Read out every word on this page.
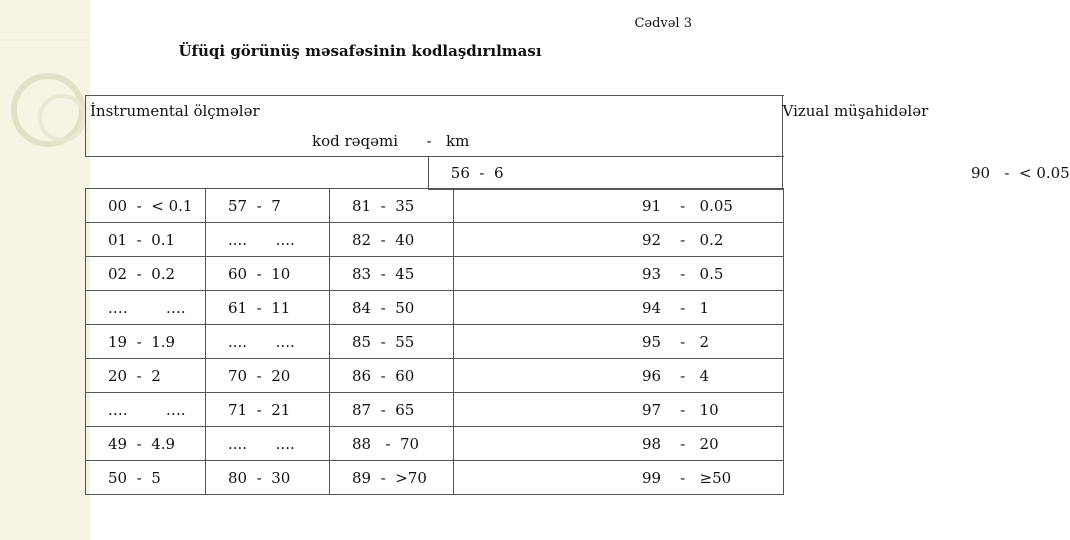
Cədvəl 3
Üfüqi görünüş məsafəsinin kodlaşdırılması
İnstrumental ölçmələr		Vizual müşahidələr
kod rəqəmi      -   km		
	56  -  6	90   -  < 0.05
00  -  < 0.1	57  -  7	81  -  35	91    -   0.05
01  -  0.1	....      ....	82  -  40	92    -   0.2
02  -  0.2	60  -  10	83  -  45	93    -   0.5
.…        ….	61  -  11	84  -  50	94    -   1
19  -  1.9	....      ....	85  -  55	95    -   2
20  -  2	70  -  20	86  -  60	96    -   4
.…        ….	71  -  21	87  -  65	97    -   10
49  -  4.9	....      ....	88   -  70	98    -   20
50  -  5	80  -  30	89  -  >70	99    -   ≥50
